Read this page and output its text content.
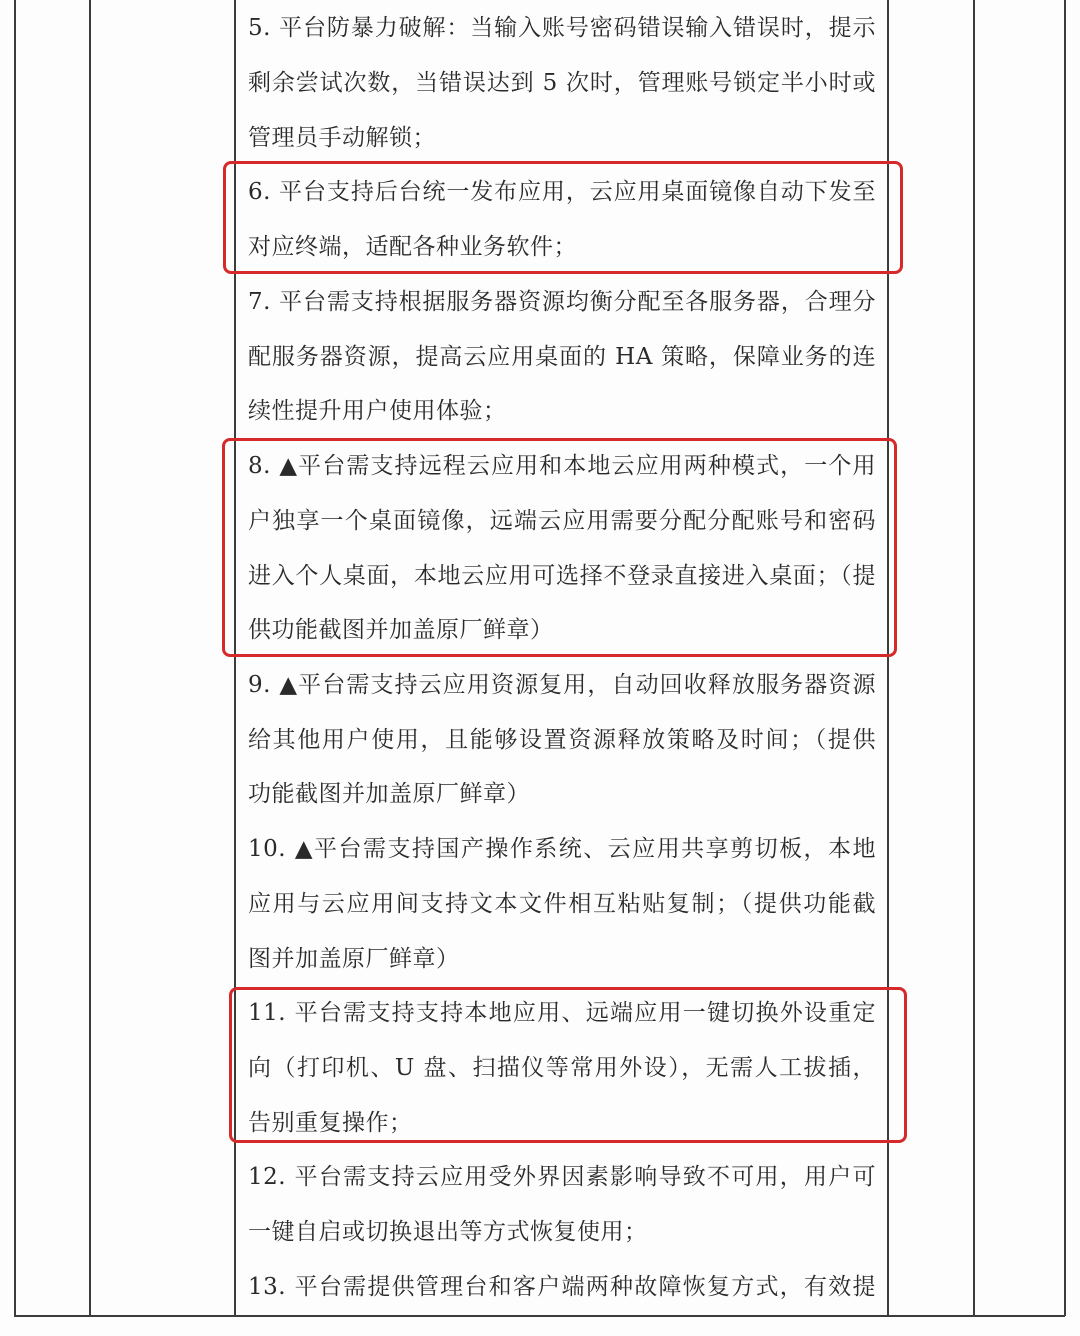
5. 平台防暴力破解：当输入账号密码错误输入错误时，提示
剩余尝试次数，当错误达到 5 次时，管理账号锁定半小时或
管理员手动解锁；
6. 平台支持后台统一发布应用，云应用桌面镜像自动下发至
对应终端，适配各种业务软件；
7. 平台需支持根据服务器资源均衡分配至各服务器，合理分
配服务器资源，提高云应用桌面的 HA 策略，保障业务的连
续性提升用户使用体验；
8. ▲平台需支持远程云应用和本地云应用两种模式，一个用
户独享一个桌面镜像，远端云应用需要分配分配账号和密码
进入个人桌面，本地云应用可选择不登录直接进入桌面；（提
供功能截图并加盖原厂鲜章）
9. ▲平台需支持云应用资源复用，自动回收释放服务器资源
给其他用户使用，且能够设置资源释放策略及时间；（提供
功能截图并加盖原厂鲜章）
10. ▲平台需支持国产操作系统、云应用共享剪切板，本地
应用与云应用间支持文本文件相互粘贴复制；（提供功能截
图并加盖原厂鲜章）
11. 平台需支持支持本地应用、远端应用一键切换外设重定
向（打印机、U 盘、扫描仪等常用外设），无需人工拔插，
告别重复操作；
12. 平台需支持云应用受外界因素影响导致不可用，用户可
一键自启或切换退出等方式恢复使用；
13. 平台需提供管理台和客户端两种故障恢复方式，有效提
